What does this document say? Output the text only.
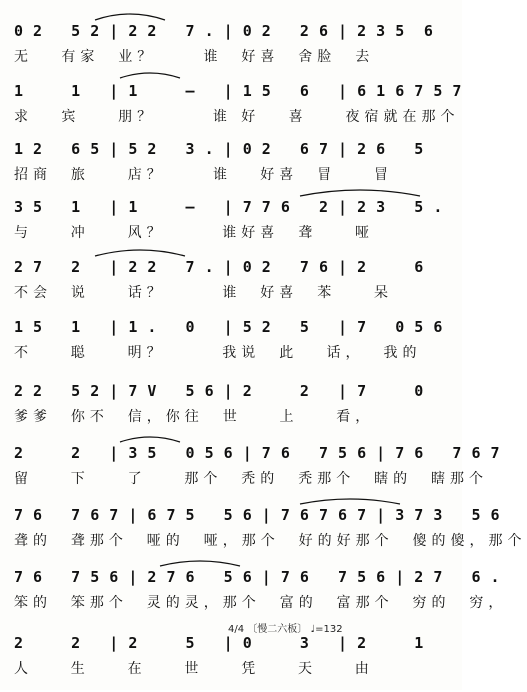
0 2   5 2 | 2 2   7 . | 0 2   2 6 | 2 3 5  6
无   有家  业？     谁  好喜  舍脸  去
1     1   | 1     —   | 1 5   6   | 6 1 6 7 5 7
求   宾    朋？      谁 好   喜    夜宿就在那个
1 2   6 5 | 5 2   3 . | 0 2   6 7 | 2 6   5
招商  旅    店？     谁   好喜  冒    冒
3 5   1   | 1     —   | 7 7 6   2 | 2 3   5 .
与    冲    风？      谁好喜  聋    哑
2 7   2   | 2 2   7 . | 0 2   7 6 | 2     6
不会  说    话？      谁  好喜  苯    呆
1 5   1   | 1 .   0   | 5 2   5   | 7   0 5 6
不    聪    明？      我说  此   话，  我的
2 2   5 2 | 7 V   5 6 | 2     2   | 7     0
爹爹  你不  信，你往  世    上    看，
2     2   | 3 5   0 5 6 | 7 6   7 5 6 | 7 6   7 6 7
留    下    了    那个  秃的  秃那个  瞎的  瞎那个
7 6   7 6 7 | 6 7 5   5 6 | 7 6 7 6 7 | 3 7 3   5 6
聋的  聋那个  哑的  哑，那个  好的好那个  傻的傻，那个
7 6   7 5 6 | 2 7 6   5 6 | 7 6   7 5 6 | 2 7   6 .
笨的  笨那个  灵的灵，那个  富的  富那个  穷的  穷，
4/4 〔慢二六板〕 ♩=132
2     2   | 2     5   | 0     3   | 2     1
人    生    在    世    凭    天    由
